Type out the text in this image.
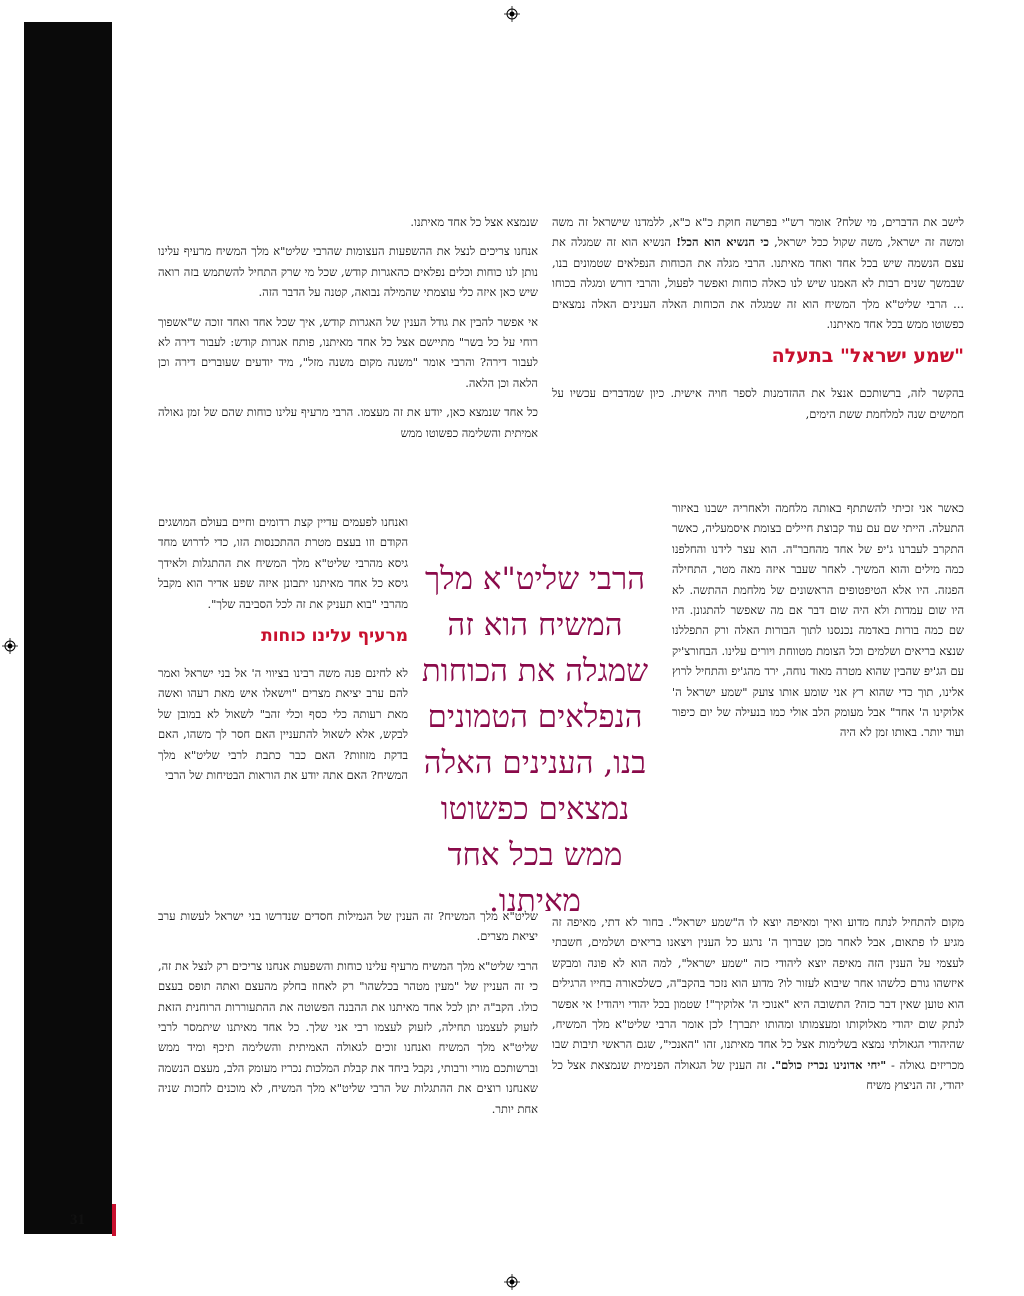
31

לישב את הדברים, מי שלח? אומר רש"י בפרשה חוקת כ"א כ"א, ללמדנו שישראל זה משה ומשה זה ישראל, משה שקול ככל ישראל, כי הנשיא הוא הכל! הנשיא הוא זה שמגלה את עצם הנשמה שיש בכל אחד ואחד מאיתנו. הרבי מגלה את הכוחות הנפלאים שטמונים בנו, שבמשך שנים רבות לא האמנו שיש לנו כאלה כוחות ואפשר לפעול, והרבי דורש ומגלה בכוחו ... הרבי שליט"א מלך המשיח הוא זה שמגלה את הכוחות האלה הענינים האלה נמצאים כפשוטו ממש בכל אחד מאיתנו.

"שמע ישראל" בתעלה

בהקשר לזה, ברשותכם אנצל את ההזדמנות לספר חויה אישית. כיון שמדברים עכשיו על חמישים שנה למלחמת ששת הימים,

כאשר אני זכיתי להשתתף באותה מלחמה ולאחריה ישבנו באיזור התעלה. הייתי שם עם עוד קבוצת חיילים בצומת איסמעליה, כאשר התקרב לעברנו ג'יפ של אחד מהחבר"ה. הוא עצר לידנו והחלפנו כמה מילים והוא המשיך. לאחר שעבר איזה מאה מטר, התחילה הפגזה. היו אלא הטיפטופים הראשונים של מלחמת ההתשה. לא היו שום עמדות ולא היה שום דבר אם מה שאפשר להתגונן. היו שם כמה בורות באדמה נכנסנו לתוך הבורות האלה ורק התפללנו שנצא בריאים ושלמים וכל הצומת מטווחת ויורים עלינו. הבחורצ'יק עם הג'יפ שהבין שהוא מטרה מאוד נוחה, ירד מהג'יפ והתחיל לרוץ אלינו, תוך כדי שהוא רץ אני שומע אותו צועק "שמע ישראל ה' אלוקינו ה' אחד" אבל מעומק הלב אולי כמו בנעילה של יום כיפור ועוד יותר. באותו זמן לא היה

מקום להתחיל לנתח מדוע ואיך ומאיפה יוצא לו ה"שמע ישראל". בחור לא דתי, מאיפה זה מגיע לו פתאום, אבל לאחר מכן שברוך ה' נרגע כל הענין ויצאנו בריאים ושלמים, חשבתי לעצמי על הענין הזה מאיפה יוצא ליהודי כזה "שמע ישראל", למה הוא לא פונה ומבקש איזשהו גורם כלשהו אחר שיבוא לעזור לו? מדוע הוא נזכר בהקב"ה, כשלכאורה בחייו הרגילים הוא טוען שאין דבר כזה? התשובה היא "אנוכי ה' אלוקיך"! שטמון בכל יהודי ויהודי! אי אפשר לנתק שום יהודי מאלוקותו ומעצמותו ומהותו יתברך! לכן אומר הרבי שליט"א מלך המשיח, שהיהודי הגאולתי נמצא בשלימות אצל כל אחד מאיתנו, זהו "האנכי", שגם הראשי תיבות שבו מכריזים גאולה - "יחי אדונינו נכריז כולם". זה הענין של הגאולה הפנימית שנמצאת אצל כל יהודי, זה הניצוץ משיח

הרבי שליט"א מלך המשיח הוא זה שמגלה את הכוחות הנפלאים הטמונים בנו, הענינים האלה נמצאים כפשוטו ממש בכל אחד מאיתנו.

שנמצא אצל כל אחד מאיתנו.

אנחנו צריכים לנצל את ההשפעות העצומות שהרבי שליט"א מלך המשיח מרעיף עלינו נותן לנו כוחות וכלים נפלאים כהאגרות קודש, שכל מי שרק התחיל להשתמש בזה רואה שיש כאן איזה כלי עוצמתי שהמילה נבואה, קטנה על הדבר הזה.

אי אפשר להבין את גודל הענין של האגרות קודש, איך שכל אחד ואחד זוכה ש"אשפוך רוחי על כל בשר" מתיישם אצל כל אחד מאיתנו, פותח אגרות קודש: לעבור דירה לא לעבור דירה? והרבי אומר "משנה מקום משנה מזל", מיד יודעים שעוברים דירה וכן הלאה וכן הלאה.

כל אחד שנמצא כאן, יודע את זה מעצמו. הרבי מרעיף עלינו כוחות שהם של זמן גאולה אמיתית והשלימה כפשוטו ממש

ואנחנו לפעמים עדיין קצת רדומים וחיים בעולם המושגים הקודם וזו בעצם מטרת ההתכנסות הזו, כדי לדרוש מחד גיסא מהרבי שליט"א מלך המשיח את ההתגלות ולאידך גיסא כל אחד מאיתנו יתבונן איזה שפע אדיר הוא מקבל מהרבי "בוא תעניק את זה לכל הסביבה שלך".

מרעיף עלינו כוחות

לא לחינם פנה משה רבינו בציווי ה' אל בני ישראל ואמר להם ערב יציאת מצרים "וישאלו איש מאת רעהו ואשה מאת רעותה כלי כסף וכלי זהב" לשאול לא במובן של לבקש, אלא לשאול להתעניין האם חסר לך משהו, האם בדקת מזוזות? האם כבר כתבת לרבי שליט"א מלך המשיח? האם אתה יודע את הוראות הבטיחות של הרבי

שליט"א מלך המשיח? זה הענין של הגמילות חסדים שנדרשו בני ישראל לעשות ערב יציאת מצרים.

הרבי שליט"א מלך המשיח מרעיף עלינו כוחות והשפעות אנחנו צריכים רק לנצל את זה, כי זה העניין של "מעין מטהר בכלשהו" רק לאחוז בחלק מהעצם ואתה תופס בעצם כולו. הקב"ה יתן לכל אחד מאיתנו את ההבנה הפשוטה את ההתעוררות הרוחנית הזאת לזעוק לעצמנו תחילה, לזעוק לעצמו רבי אני שלך. כל אחד מאיתנו שיתמסר לרבי שליט"א מלך המשיח ואנחנו זוכים לגאולה האמיתית והשלימה תיכף ומיד ממש וברשותכם מורי ורבותי, נקבל ביחד את קבלת המלכות נכריז מעומק הלב, מעצם הנשמה שאנחנו רוצים את ההתגלות של הרבי שליט"א מלך המשיח, לא מוכנים לחכות שניה אחת יותר.
